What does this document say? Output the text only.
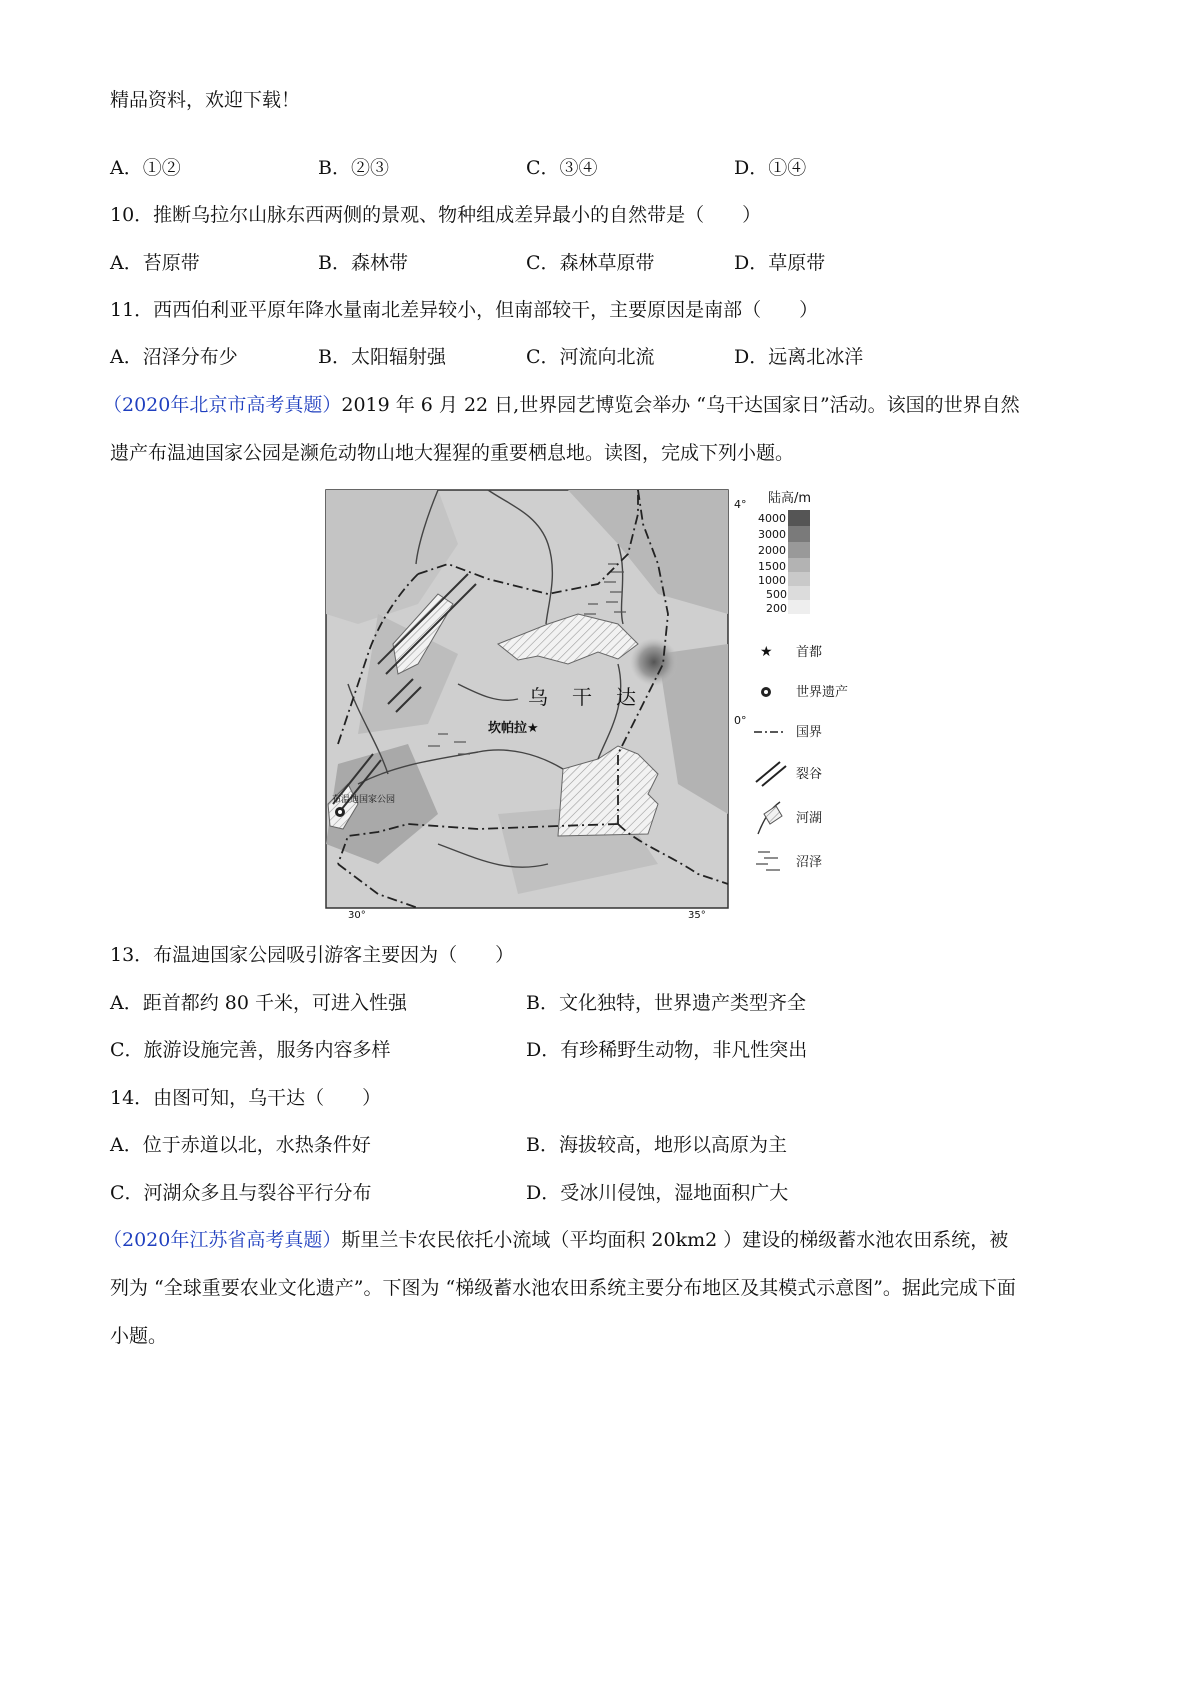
精品资料，欢迎下载！
A．①②	B．②③	C．③④	D．①④
10．推断乌拉尔山脉东西两侧的景观、物种组成差异最小的自然带是（　　）
A．苔原带	B．森林带	C．森林草原带	D．草原带
11．西西伯利亚平原年降水量南北差异较小，但南部较干，主要原因是南部（　　）
A．沼泽分布少	B．太阳辐射强	C．河流向北流	D．远离北冰洋
（2020年北京市高考真题）2019 年 6 月 22 日,世界园艺博览会举办 “乌干达国家日”活动。该国的世界自然
遗产布温迪国家公园是濒危动物山地大猩猩的重要栖息地。读图，完成下列小题。
乌　干　达
坎帕拉★
布温迪国家公园
4°
0°
30°	35°
陆高/m
4000
3000
2000
1500
1000
500
200
★ 首都
世界遗产
国界
裂谷
河湖
沼泽
13．布温迪国家公园吸引游客主要因为（　　）
A．距首都约 80 千米，可进入性强	B．文化独特，世界遗产类型齐全
C．旅游设施完善，服务内容多样	D．有珍稀野生动物，非凡性突出
14．由图可知，乌干达（　　）
A．位于赤道以北，水热条件好	B．海拔较高，地形以高原为主
C．河湖众多且与裂谷平行分布	D．受冰川侵蚀，湿地面积广大
（2020年江苏省高考真题）斯里兰卡农民依托小流域（平均面积 20km2 ）建设的梯级蓄水池农田系统，被
列为 “全球重要农业文化遗产”。下图为 “梯级蓄水池农田系统主要分布地区及其模式示意图”。据此完成下面
小题。
